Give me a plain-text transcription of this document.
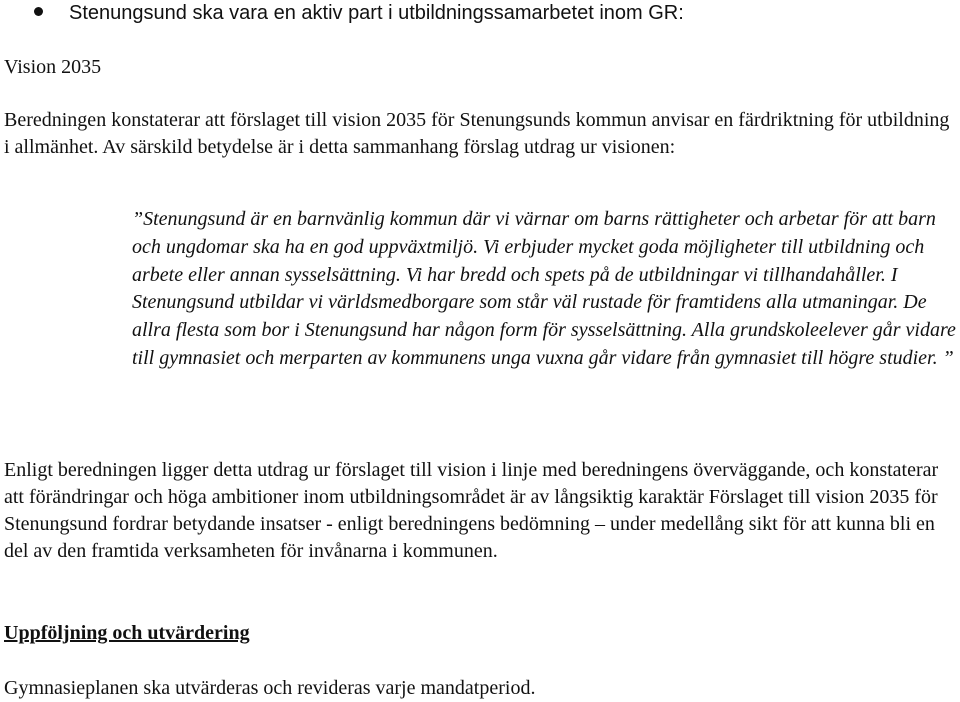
Stenungsund ska vara en aktiv part i utbildningssamarbetet inom GR:
Vision 2035
Beredningen konstaterar att förslaget till vision 2035 för Stenungsunds kommun anvisar en färdriktning för utbildning i allmänhet. Av särskild betydelse är i detta sammanhang förslag utdrag ur visionen:
”Stenungsund är en barnvänlig kommun där vi värnar om barns rättigheter och arbetar för att barn och ungdomar ska ha en god uppväxtmiljö. Vi erbjuder mycket goda möjligheter till utbildning och arbete eller annan sysselsättning. Vi har bredd och spets på de utbildningar vi tillhandahåller. I Stenungsund utbildar vi världsmedborgare som står väl rustade för framtidens alla utmaningar. De allra flesta som bor i Stenungsund har någon form för sysselsättning. Alla grundskoleelever går vidare till gymnasiet och merparten av kommunens unga vuxna går vidare från gymnasiet till högre studier. ”
Enligt beredningen ligger detta utdrag ur förslaget till vision i linje med beredningens överväggande, och konstaterar att förändringar och höga ambitioner inom utbildningsområdet är av långsiktig karaktär Förslaget till vision 2035 för Stenungsund fordrar betydande insatser - enligt beredningens bedömning – under medellång sikt för att kunna bli en del av den framtida verksamheten för invånarna i kommunen.
Uppföljning och utvärdering
Gymnasieplanen ska utvärderas och revideras varje mandatperiod.
